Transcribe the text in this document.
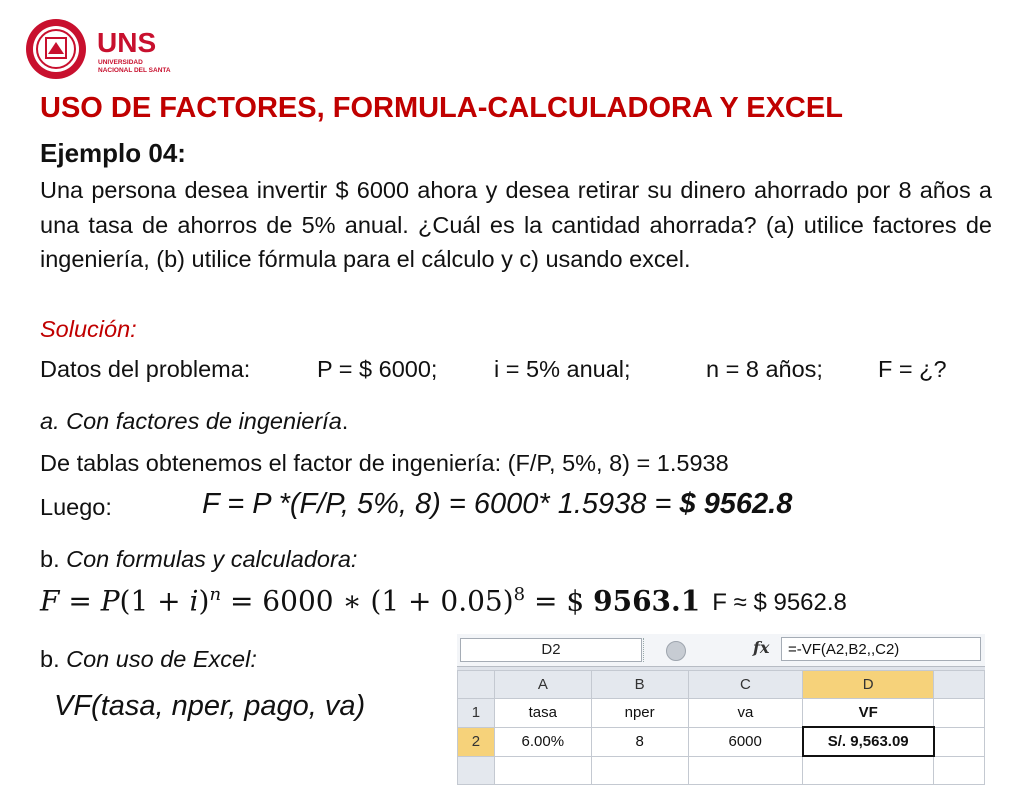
UNS
UNIVERSIDAD
NACIONAL DEL SANTA
USO DE FACTORES, FORMULA-CALCULADORA Y EXCEL
Ejemplo 04:
Una persona desea invertir $ 6000 ahora y desea retirar su dinero ahorrado por 8 años a una tasa de ahorros de 5% anual. ¿Cuál es la cantidad ahorrada? (a) utilice factores de ingeniería, (b) utilice fórmula para el cálculo y c) usando excel.
Solución:
Datos del problema:	P = $ 6000; i = 5% anual;	n = 8 años; F = ¿?
a. Con factores de ingeniería.
De tablas obtenemos el factor de ingeniería: (F/P, 5%, 8) = 1.5938
Luego:	F = P *(F/P, 5%, 8) = 6000* 1.5938 = $ 9562.8
b. Con formulas y calculadora:
$F = P(1 + i)^n = 6000$ ∗ $(1 + 0.05)^8$ = $ 9563.1 F ≈ $ 9562.8
b. Con uso de Excel:
VF(tasa, nper, pago, va)
D2	fx	=-VF(A2,B2,,C2)
	A	B	C	D	
1	tasa	nper	va	VF	
2	6.00%	8	6000	S/. 9,563.09	
